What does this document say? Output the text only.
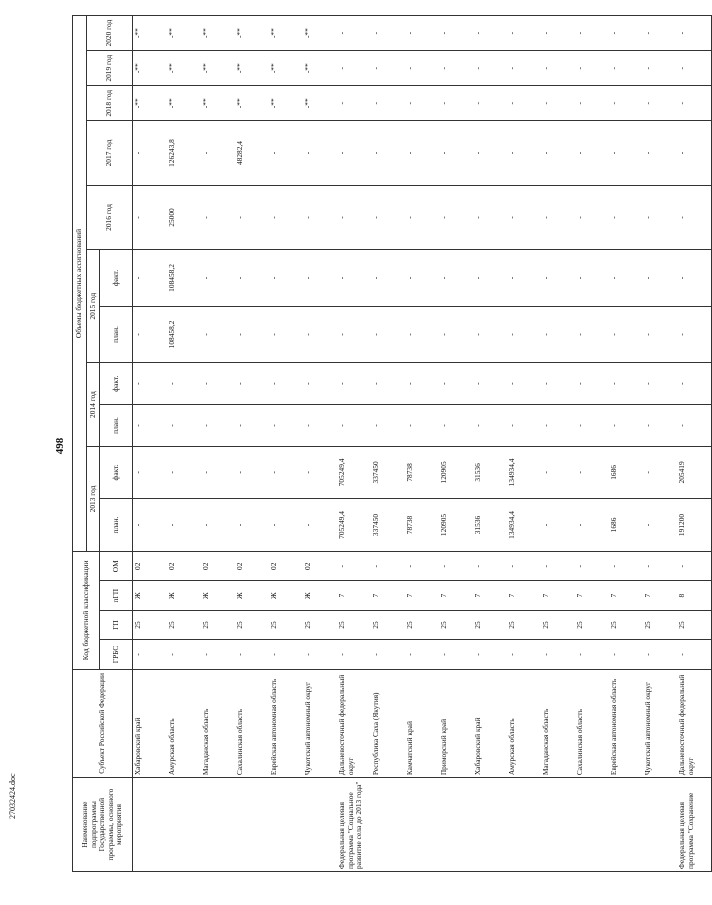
498
27032424.doc
Наименование подпрограммы Государственной программы, основного мероприятия	Субъект Российской Федерации	Код бюджетной классификации				Объемы бюджетных ассигнований										
						2013 год		2014 год		2015 год		2016 год	2017 год	2018 год	2019 год	2020 год
		ГРБС	ГП	пГП	ОМ	план.	факт.	план.	факт.	план.	факт.					
	Хабаровский край	-	25	Ж	02	-	-	-	-	-	-	-	-	-**	-**	-**
	Амурская область	-	25	Ж	02	-	-	-	-	108458,2	108458,2	25000	126243,8	-**	-**	-**
	Магаданская область	-	25	Ж	02	-	-	-	-	-	-	-	-	-**	-**	-**
	Сахалинская область	-	25	Ж	02	-	-	-	-	-	-	-	48282,4	-**	-**	-**
	Еврейская автономная область	-	25	Ж	02	-	-	-	-	-	-	-	-	-**	-**	-**
	Чукотский автономный округ	-	25	Ж	02	-	-	-	-	-	-	-	-	-**	-**	-**
Федеральная целевая программа "Социальное развитие села до 2013 года"	Дальневосточный федеральный округ	-	25	7	-	705249,4	705249,4	-	-	-	-	-	-	-	-	-
	Республика Саха (Якутия)	-	25	7	-	337450	337450	-	-	-	-	-	-	-	-	-
	Камчатский край	-	25	7	-	78738	78738	-	-	-	-	-	-	-	-	-
	Приморский край	-	25	7	-	120905	120905	-	-	-	-	-	-	-	-	-
	Хабаровский край	-	25	7	-	31536	31536	-	-	-	-	-	-	-	-	-
	Амурская область	-	25	7	-	134934,4	134934,4	-	-	-	-	-	-	-	-	-
	Магаданская область	-	25	7	-	-	-	-	-	-	-	-	-	-	-	-
	Сахалинская область	-	25	7	-	-	-	-	-	-	-	-	-	-	-	-
	Еврейская автономная область	-	25	7	-	1686	1686	-	-	-	-	-	-	-	-	-
	Чукотский автономный округ	-	25	7	-	-	-	-	-	-	-	-	-	-	-	-
Федеральная целевая программа "Сохранение	Дальневосточный федеральный округ	-	25	8	-	191200	205419	-	-	-	-	-	-	-	-	-
